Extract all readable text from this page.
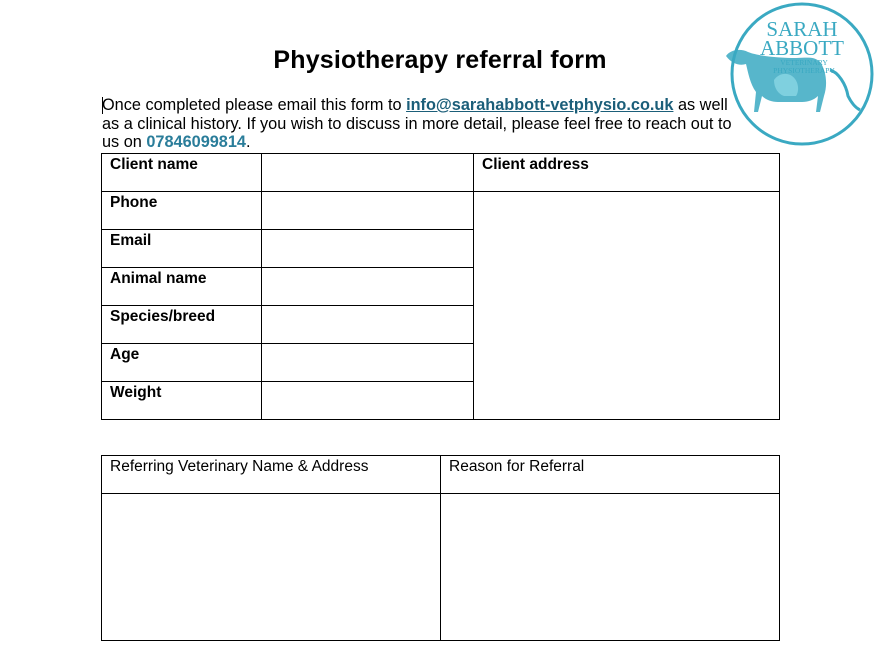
Physiotherapy referral form
Once completed please email this form to info@sarahabbott-vetphysio.co.uk as well as a clinical history. If you wish to discuss in more detail, please feel free to reach out to us on 07846099814.
SARAH
ABBOTT
VETERINARY
PHYSIOTHERAPY
Client name		Client address
Phone		
Email		
Animal name		
Species/breed		
Age		
Weight		
Referring Veterinary Name & Address	Reason for Referral
